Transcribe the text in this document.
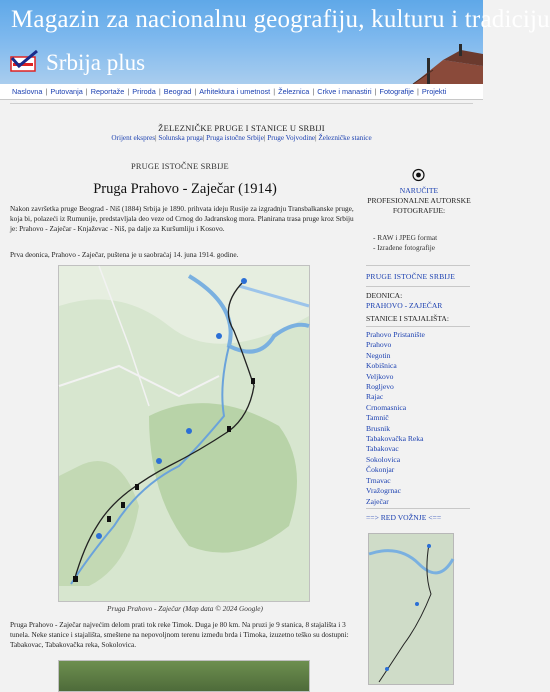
Magazin za nacionalnu geografiju, kulturu i tradiciju
Srbija plus
Naslovna | Putovanja | Reportaže | Priroda | Beograd | Arhitektura i umetnost | Železnica | Crkve i manastiri | Fotografije | Projekti
ŽELEZNIČKE PRUGE I STANICE U SRBIJI
Orijent ekspres| Solunska pruga| Pruga istočne Srbije| Pruge Vojvodine| Železničke stanice
PRUGE ISTOČNE SRBIJE
Pruga Prahovo - Zaječar (1914)
Nakon završetka pruge Beograd - Niš (1884) Srbija je 1890. prihvata ideju Rusije za izgradnju Transbalkanske pruge, koja bi, polazeći iz Rumunije, predstavljala deo veze od Crnog do Jadranskog mora. Planirana trasa pruge kroz Srbiju je: Prahovo - Zaječar - Knjaževac - Niš, pa dalje za Kuršumliju i Kosovo.
Prva deonica, Prahovo - Zaječar, puštena je u saobraćaj 14. juna 1914. godine.
Pruga Prahovo - Zaječar (Map data © 2024 Google)
Pruga Prahovo - Zaječar najvećim delom prati tok reke Timok. Duga je 80 km. Na pruzi je 9 stanica, 8 stajališta i 3 tunela. Neke stanice i stajališta, smeštene na nepovoljnom terenu između brda i Timoka, izuzetno teško su dostupni: Tabakovac, Tabakovačka reka, Sokolovica.
NARUČITE
PROFESIONALNE AUTORSKE FOTOGRAFIJE:
- RAW i JPEG format
- Izrađene fotografije
PRUGE ISTOČNE SRBIJE
DEONICA:
PRAHOVO - ZAJEČAR
STANICE I STAJALIŠTA:
Prahovo Pristanište
Prahovo
Negotin
Kobišnica
Veljkovo
Rogljevo
Rajac
Crnomasnica
Tamnič
Brusnik
Tabakovačka Reka
Tabakovac
Sokolovica
Čokonjar
Trnavac
Vražogrnac
Zaječar
==> RED VOŽNJE <==
